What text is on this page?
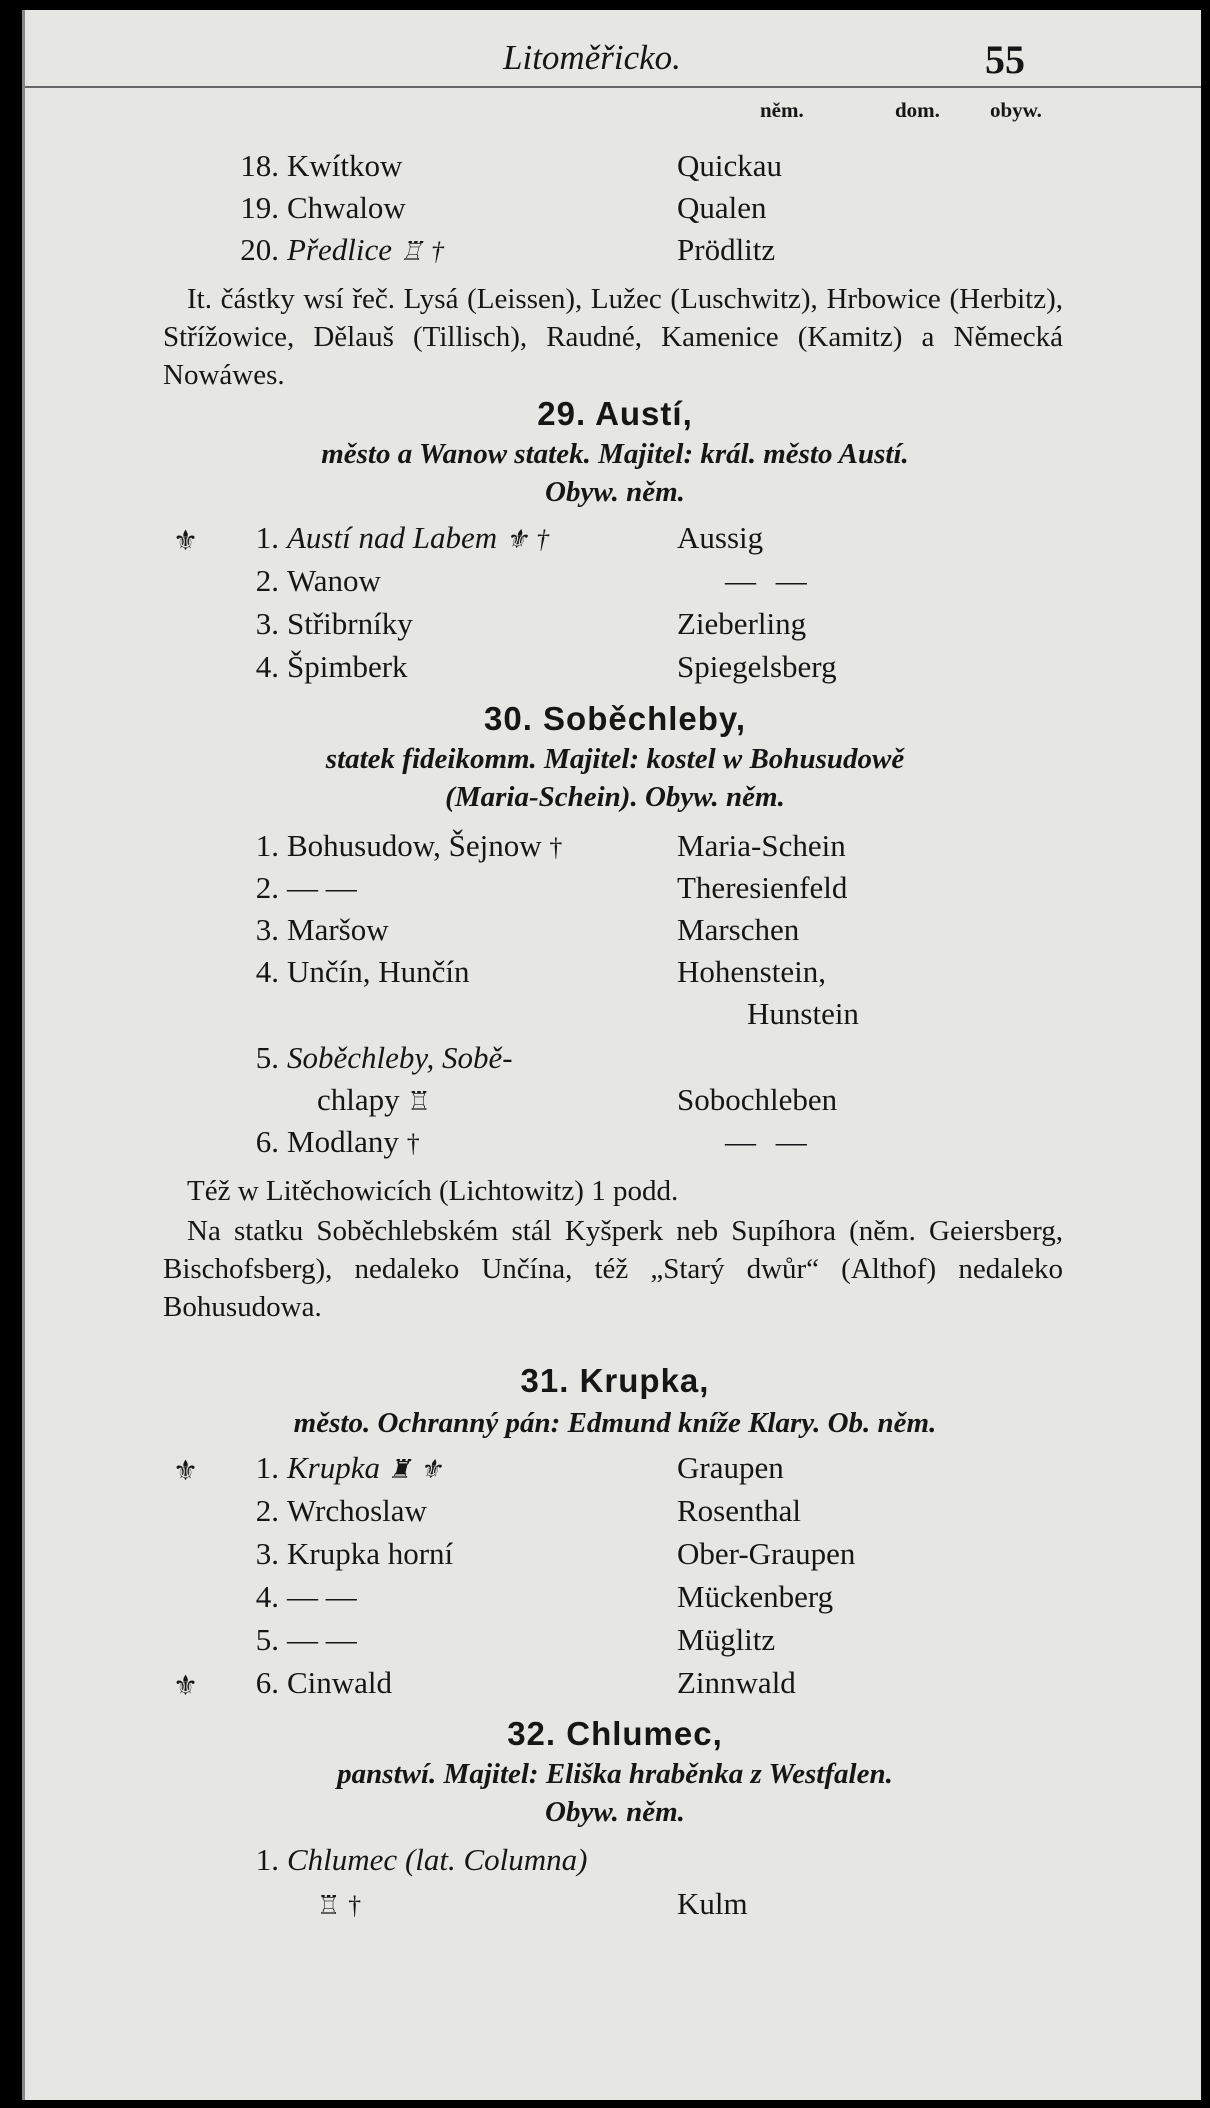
Litoměřicko.	55
něm.	dom. obyw.
18. Kwítkow	Quickau
19. Chwalow	Qualen
20. Předlice ♖ †	Prödlitz
It. částky wsí řeč. Lysá (Leissen), Lužec (Luschwitz), Hrbowice (Herbitz), Střížowice, Dělauš (Tillisch), Raudné, Kamenice (Kamitz) a Německá Nowáwes.
29. Austí,
město a Wanow statek. Majitel: král. město Austí.
Obyw. něm.
⚜	1. Austí nad Labem ⚜ †	Aussig
2. Wanow	— —
3. Střibrníky	Zieberling
4. Špimberk	Spiegelsberg
30. Soběchleby,
statek fideikomm. Majitel: kostel w Bohusudowě
(Maria-Schein). Obyw. něm.
1. Bohusudow, Šejnow †	Maria-Schein
2. — —	Theresienfeld
3. Maršow	Marschen
4. Unčín, Hunčín	Hohenstein,
Hunstein
5. Soběchleby, Sobě-
chlapy ♖	Sobochleben
6. Modlany †	— —
Též w Litěchowicích (Lichtowitz) 1 podd.
Na statku Soběchlebském stál Kyšperk neb Supíhora (něm. Geiersberg, Bischofsberg), nedaleko Unčína, též „Starý dwůr“ (Althof) nedaleko Bohusudowa.
31. Krupka,
město. Ochranný pán: Edmund kníže Klary. Ob. něm.
⚜	1. Krupka ♜ ⚜	Graupen
2. Wrchoslaw	Rosenthal
3. Krupka horní	Ober-Graupen
4. — —	Mückenberg
5. — —	Müglitz
⚜	6. Cinwald	Zinnwald
32. Chlumec,
panstwí. Majitel: Eliška hraběnka z Westfalen.
Obyw. něm.
1. Chlumec (lat. Columna)
♖ †	Kulm
